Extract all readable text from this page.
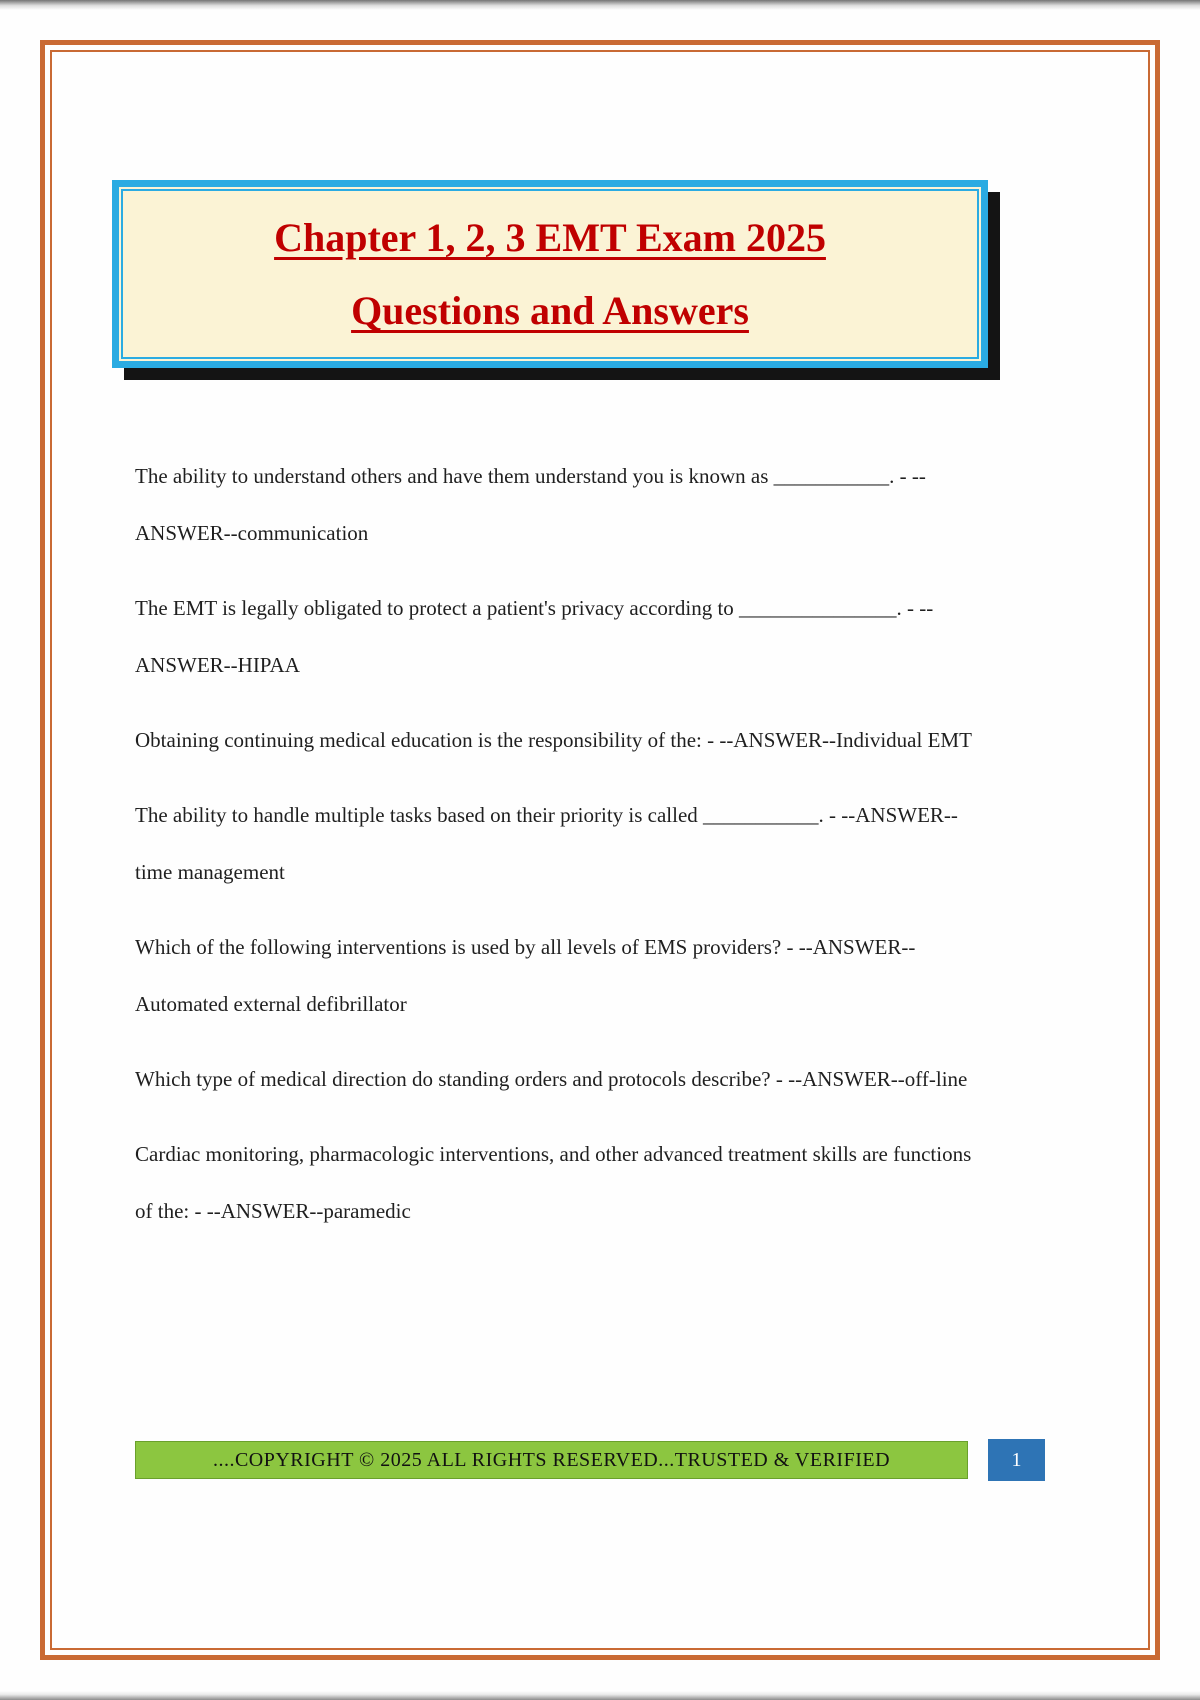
Chapter 1, 2, 3 EMT Exam 2025
Questions and Answers

The ability to understand others and have them understand you is known as ___________. - --ANSWER--communication

The EMT is legally obligated to protect a patient's privacy according to _______________. - --ANSWER--HIPAA

Obtaining continuing medical education is the responsibility of the: - --ANSWER--Individual EMT

The ability to handle multiple tasks based on their priority is called ___________. - --ANSWER--time management

Which of the following interventions is used by all levels of EMS providers? - --ANSWER--Automated external defibrillator

Which type of medical direction do standing orders and protocols describe? - --ANSWER--off-line

Cardiac monitoring, pharmacologic interventions, and other advanced treatment skills are functions of the: - --ANSWER--paramedic

....COPYRIGHT © 2025 ALL RIGHTS RESERVED...TRUSTED & VERIFIED	1
